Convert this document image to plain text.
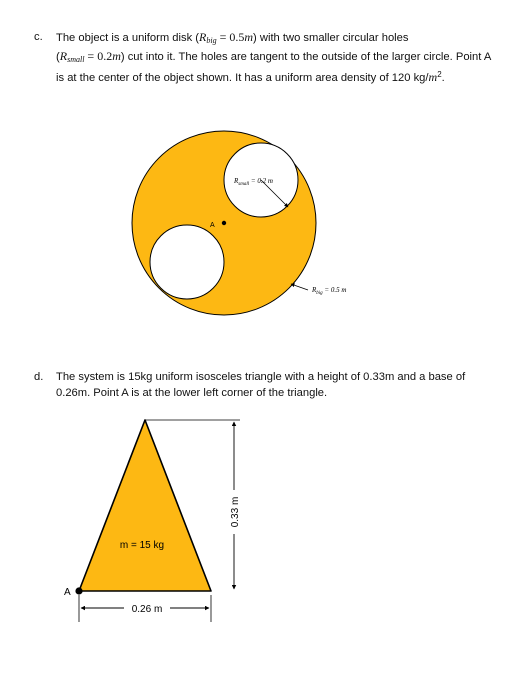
c. The object is a uniform disk $(R_{big} = 0.5m)$ with two smaller circular holes
$(R_{small} = 0.2m)$ cut into it. The holes are tangent to the outside of the larger circle. Point A is at the center of the object shown. It has a uniform area density of 120 $kg/m^2$.
d. The system is 15kg uniform isosceles triangle with a height of 0.33m and a base of 0.26m. Point A is at the lower left corner of the triangle.
A
$R_{small} = 0.2$ m
$R_{big} = 0.5$ m
0.33 m
0.26 m
m = 15 kg
A
